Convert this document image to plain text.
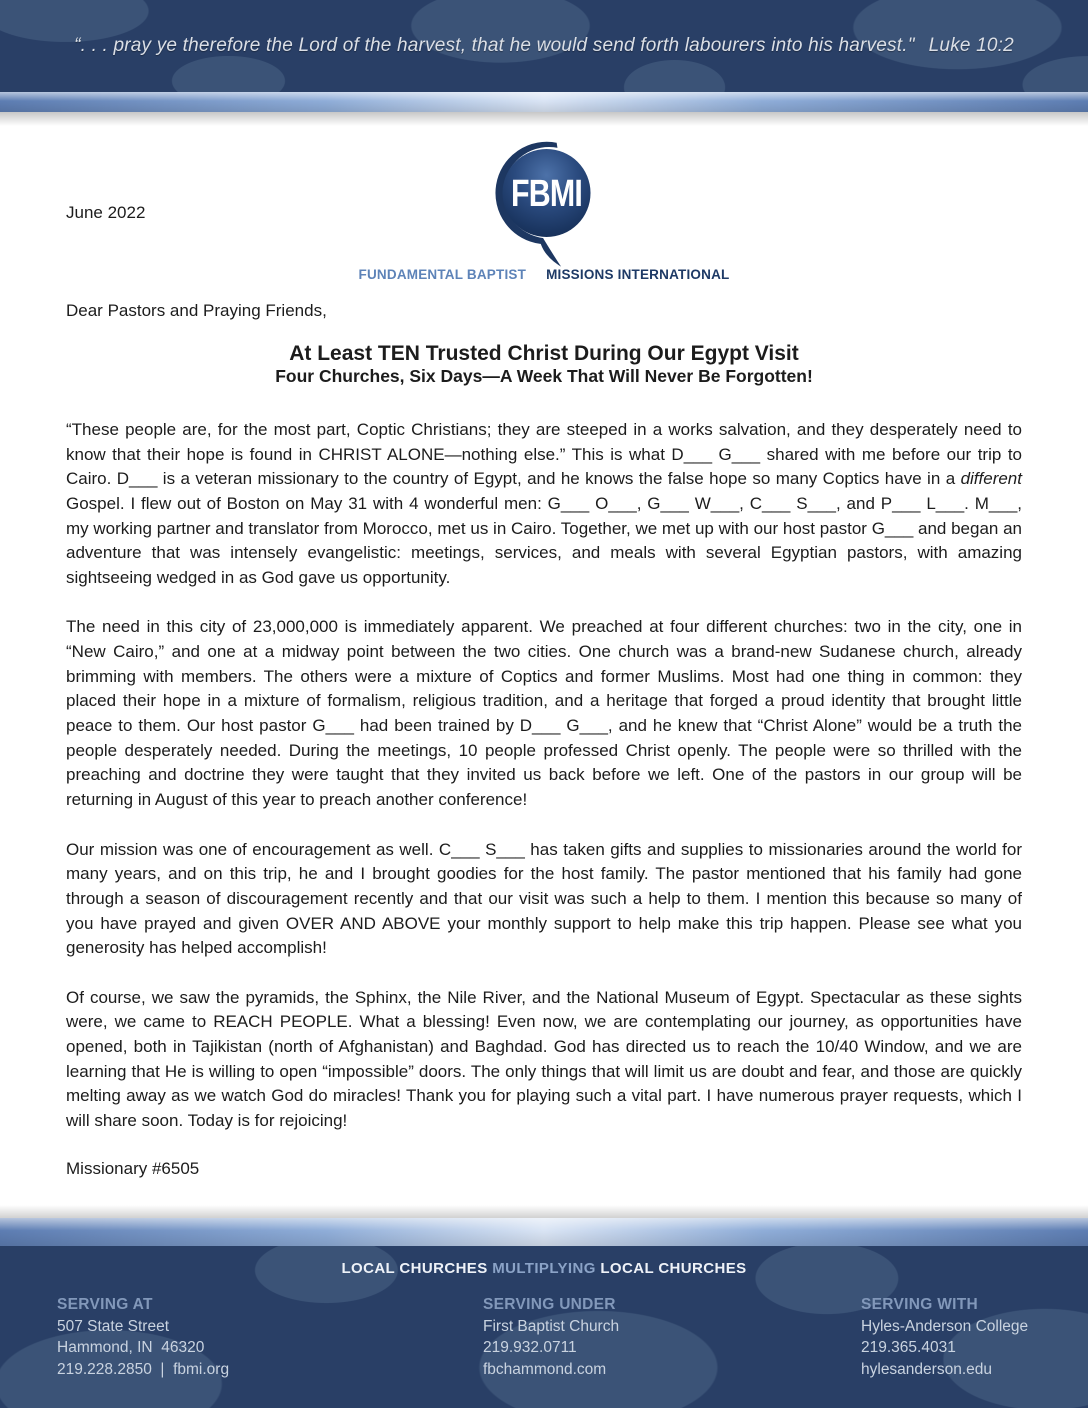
“. . . pray ye therefore the Lord of the harvest, that he would send forth labourers into his harvest." Luke 10:2
June 2022	FBMI
FUNDAMENTAL BAPTIST MISSIONS INTERNATIONAL

Dear Pastors and Praying Friends,

At Least TEN Trusted Christ During Our Egypt Visit
Four Churches, Six Days—A Week That Will Never Be Forgotten!

“These people are, for the most part, Coptic Christians; they are steeped in a works salvation, and they desperately need to know that their hope is found in CHRIST ALONE—nothing else.” This is what D___ G___ shared with me before our trip to Cairo. D___ is a veteran missionary to the country of Egypt, and he knows the false hope so many Coptics have in a different Gospel. I flew out of Boston on May 31 with 4 wonderful men: G___ O___, G___ W___, C___ S___, and P___ L___. M___, my working partner and translator from Morocco, met us in Cairo. Together, we met up with our host pastor G___ and began an adventure that was intensely evangelistic: meetings, services, and meals with several Egyptian pastors, with amazing sightseeing wedged in as God gave us opportunity.

The need in this city of 23,000,000 is immediately apparent. We preached at four different churches: two in the city, one in “New Cairo,” and one at a midway point between the two cities. One church was a brand-new Sudanese church, already brimming with members. The others were a mixture of Coptics and former Muslims. Most had one thing in common: they placed their hope in a mixture of formalism, religious tradition, and a heritage that forged a proud identity that brought little peace to them. Our host pastor G___ had been trained by D___ G___, and he knew that “Christ Alone” would be a truth the people desperately needed. During the meetings, 10 people professed Christ openly. The people were so thrilled with the preaching and doctrine they were taught that they invited us back before we left. One of the pastors in our group will be returning in August of this year to preach another conference!

Our mission was one of encouragement as well. C___ S___ has taken gifts and supplies to missionaries around the world for many years, and on this trip, he and I brought goodies for the host family. The pastor mentioned that his family had gone through a season of discouragement recently and that our visit was such a help to them. I mention this because so many of you have prayed and given OVER AND ABOVE your monthly support to help make this trip happen. Please see what you generosity has helped accomplish!

Of course, we saw the pyramids, the Sphinx, the Nile River, and the National Museum of Egypt. Spectacular as these sights were, we came to REACH PEOPLE. What a blessing! Even now, we are contemplating our journey, as opportunities have opened, both in Tajikistan (north of Afghanistan) and Baghdad. God has directed us to reach the 10/40 Window, and we are learning that He is willing to open “impossible” doors. The only things that will limit us are doubt and fear, and those are quickly melting away as we watch God do miracles! Thank you for playing such a vital part. I have numerous prayer requests, which I will share soon. Today is for rejoicing!

Missionary #6505

LOCAL CHURCHES MULTIPLYING LOCAL CHURCHES
SERVING AT
507 State Street
Hammond, IN  46320
219.228.2850  |  fbmi.org
SERVING UNDER
First Baptist Church
219.932.0711
fbchammond.com
SERVING WITH
Hyles-Anderson College
219.365.4031
hylesanderson.edu
